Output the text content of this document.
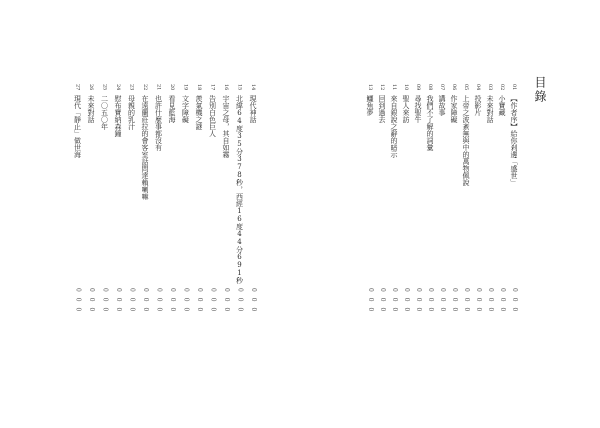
14
現代神話
0 0 0
15
北緯64度35分378秒，西經16度44分691秒
0 0 0
16
宇宙之母，其自如霧
0 0 0
17
告別白色巨人
0 0 0
18
羨氣機之謎
0 0 0
19
文字障礙
0 0 0
20
看見藍海
0 0 0
21
也許什麼事都沒有
0 0 0
22
在遠蘭莊拉的會客室話問達賴喇嘛
0 0 0
23
母親的乳汁
0 0 0
24
慰布寶納森鐘
0 0 0
25
二〇五〇年
0 0 0
26
未來對話
0 0 0
27
現代「靜止」做世海
0 0 0
01
【作者序】給你剎邊「盛世」
0 0 0
02
小寶藏
0 0 0
03
未來對話
0 0 0
04
投影片
0 0 0
05
上帝之波紊無與中的萬物佩說
0 0 0
06
作家障礙
0 0 0
07
講故事
0 0 0
08
我們不了解的詞彙
0 0 0
09
尋找聖牛
0 0 0
10
聖人來訪
0 0 0
11
來自銀說之辭的暗示
0 0 0
12
回到過去
0 0 0
13
鱷魚夢
0 0 0
目錄
